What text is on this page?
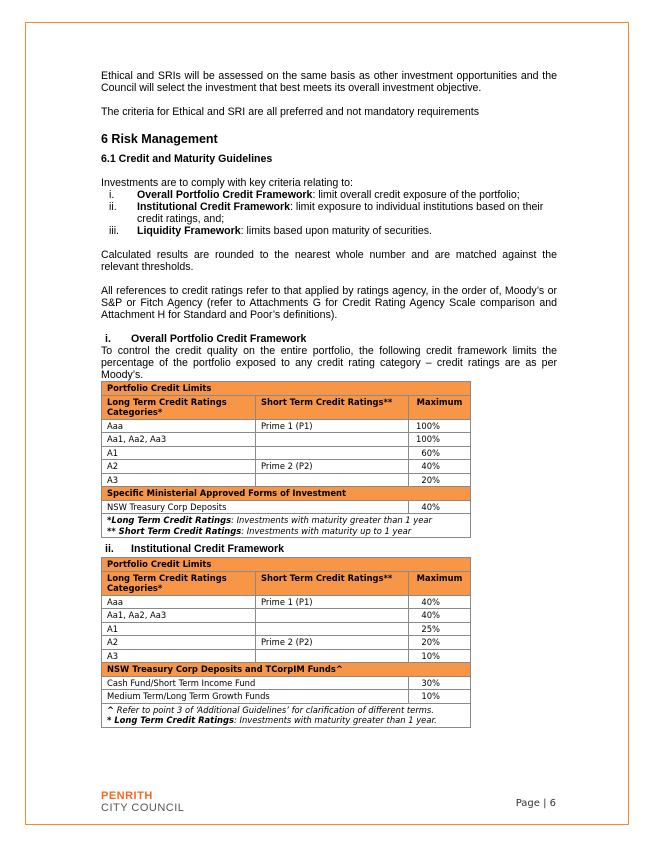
Ethical and SRIs will be assessed on the same basis as other investment opportunities and the Council will select the investment that best meets its overall investment objective.

The criteria for Ethical and SRI are all preferred and not mandatory requirements

6 Risk Management
6.1 Credit and Maturity Guidelines

Investments are to comply with key criteria relating to:

i.	Overall Portfolio Credit Framework: limit overall credit exposure of the portfolio;
ii.	Institutional Credit Framework: limit exposure to individual institutions based on their credit ratings, and;
iii.	Liquidity Framework: limits based upon maturity of securities.

Calculated results are rounded to the nearest whole number and are matched against the relevant thresholds.

All references to credit ratings refer to that applied by ratings agency, in the order of, Moody’s or S&P or Fitch Agency (refer to Attachments G for Credit Rating Agency Scale comparison and Attachment H for Standard and Poor’s definitions).

i. Overall Portfolio Credit Framework

To control the credit quality on the entire portfolio, the following credit framework limits the percentage of the portfolio exposed to any credit rating category – credit ratings are as per Moody’s.

Portfolio Credit Limits		
Long Term Credit Ratings Categories*	Short Term Credit Ratings**	Maximum
Aaa	Prime 1 (P1)	100%
Aa1, Aa2, Aa3		100%
A1		60%
A2	Prime 2 (P2)	40%
A3		20%
Specific Ministerial Approved Forms of Investment		
NSW Treasury Corp Deposits		40%

*Long Term Credit Ratings: Investments with maturity greater than 1 year
** Short Term Credit Ratings: Investments with maturity up to 1 year		
ii. Institutional Credit Framework
Portfolio Credit Limits		
Long Term Credit Ratings Categories*	Short Term Credit Ratings**	Maximum
Aaa	Prime 1 (P1)	40%
Aa1, Aa2, Aa3		40%
A1		25%
A2	Prime 2 (P2)	20%
A3		10%
NSW Treasury Corp Deposits and TCorpIM Funds^		
Cash Fund/Short Term Income Fund		30%
Medium Term/Long Term Growth Funds		10%

^ Refer to point 3 of ‘Additional Guidelines’ for clarification of different terms.
* Long Term Credit Ratings: Investments with maturity greater than 1 year.		
PENRITH
CITY COUNCIL	Page | 6
